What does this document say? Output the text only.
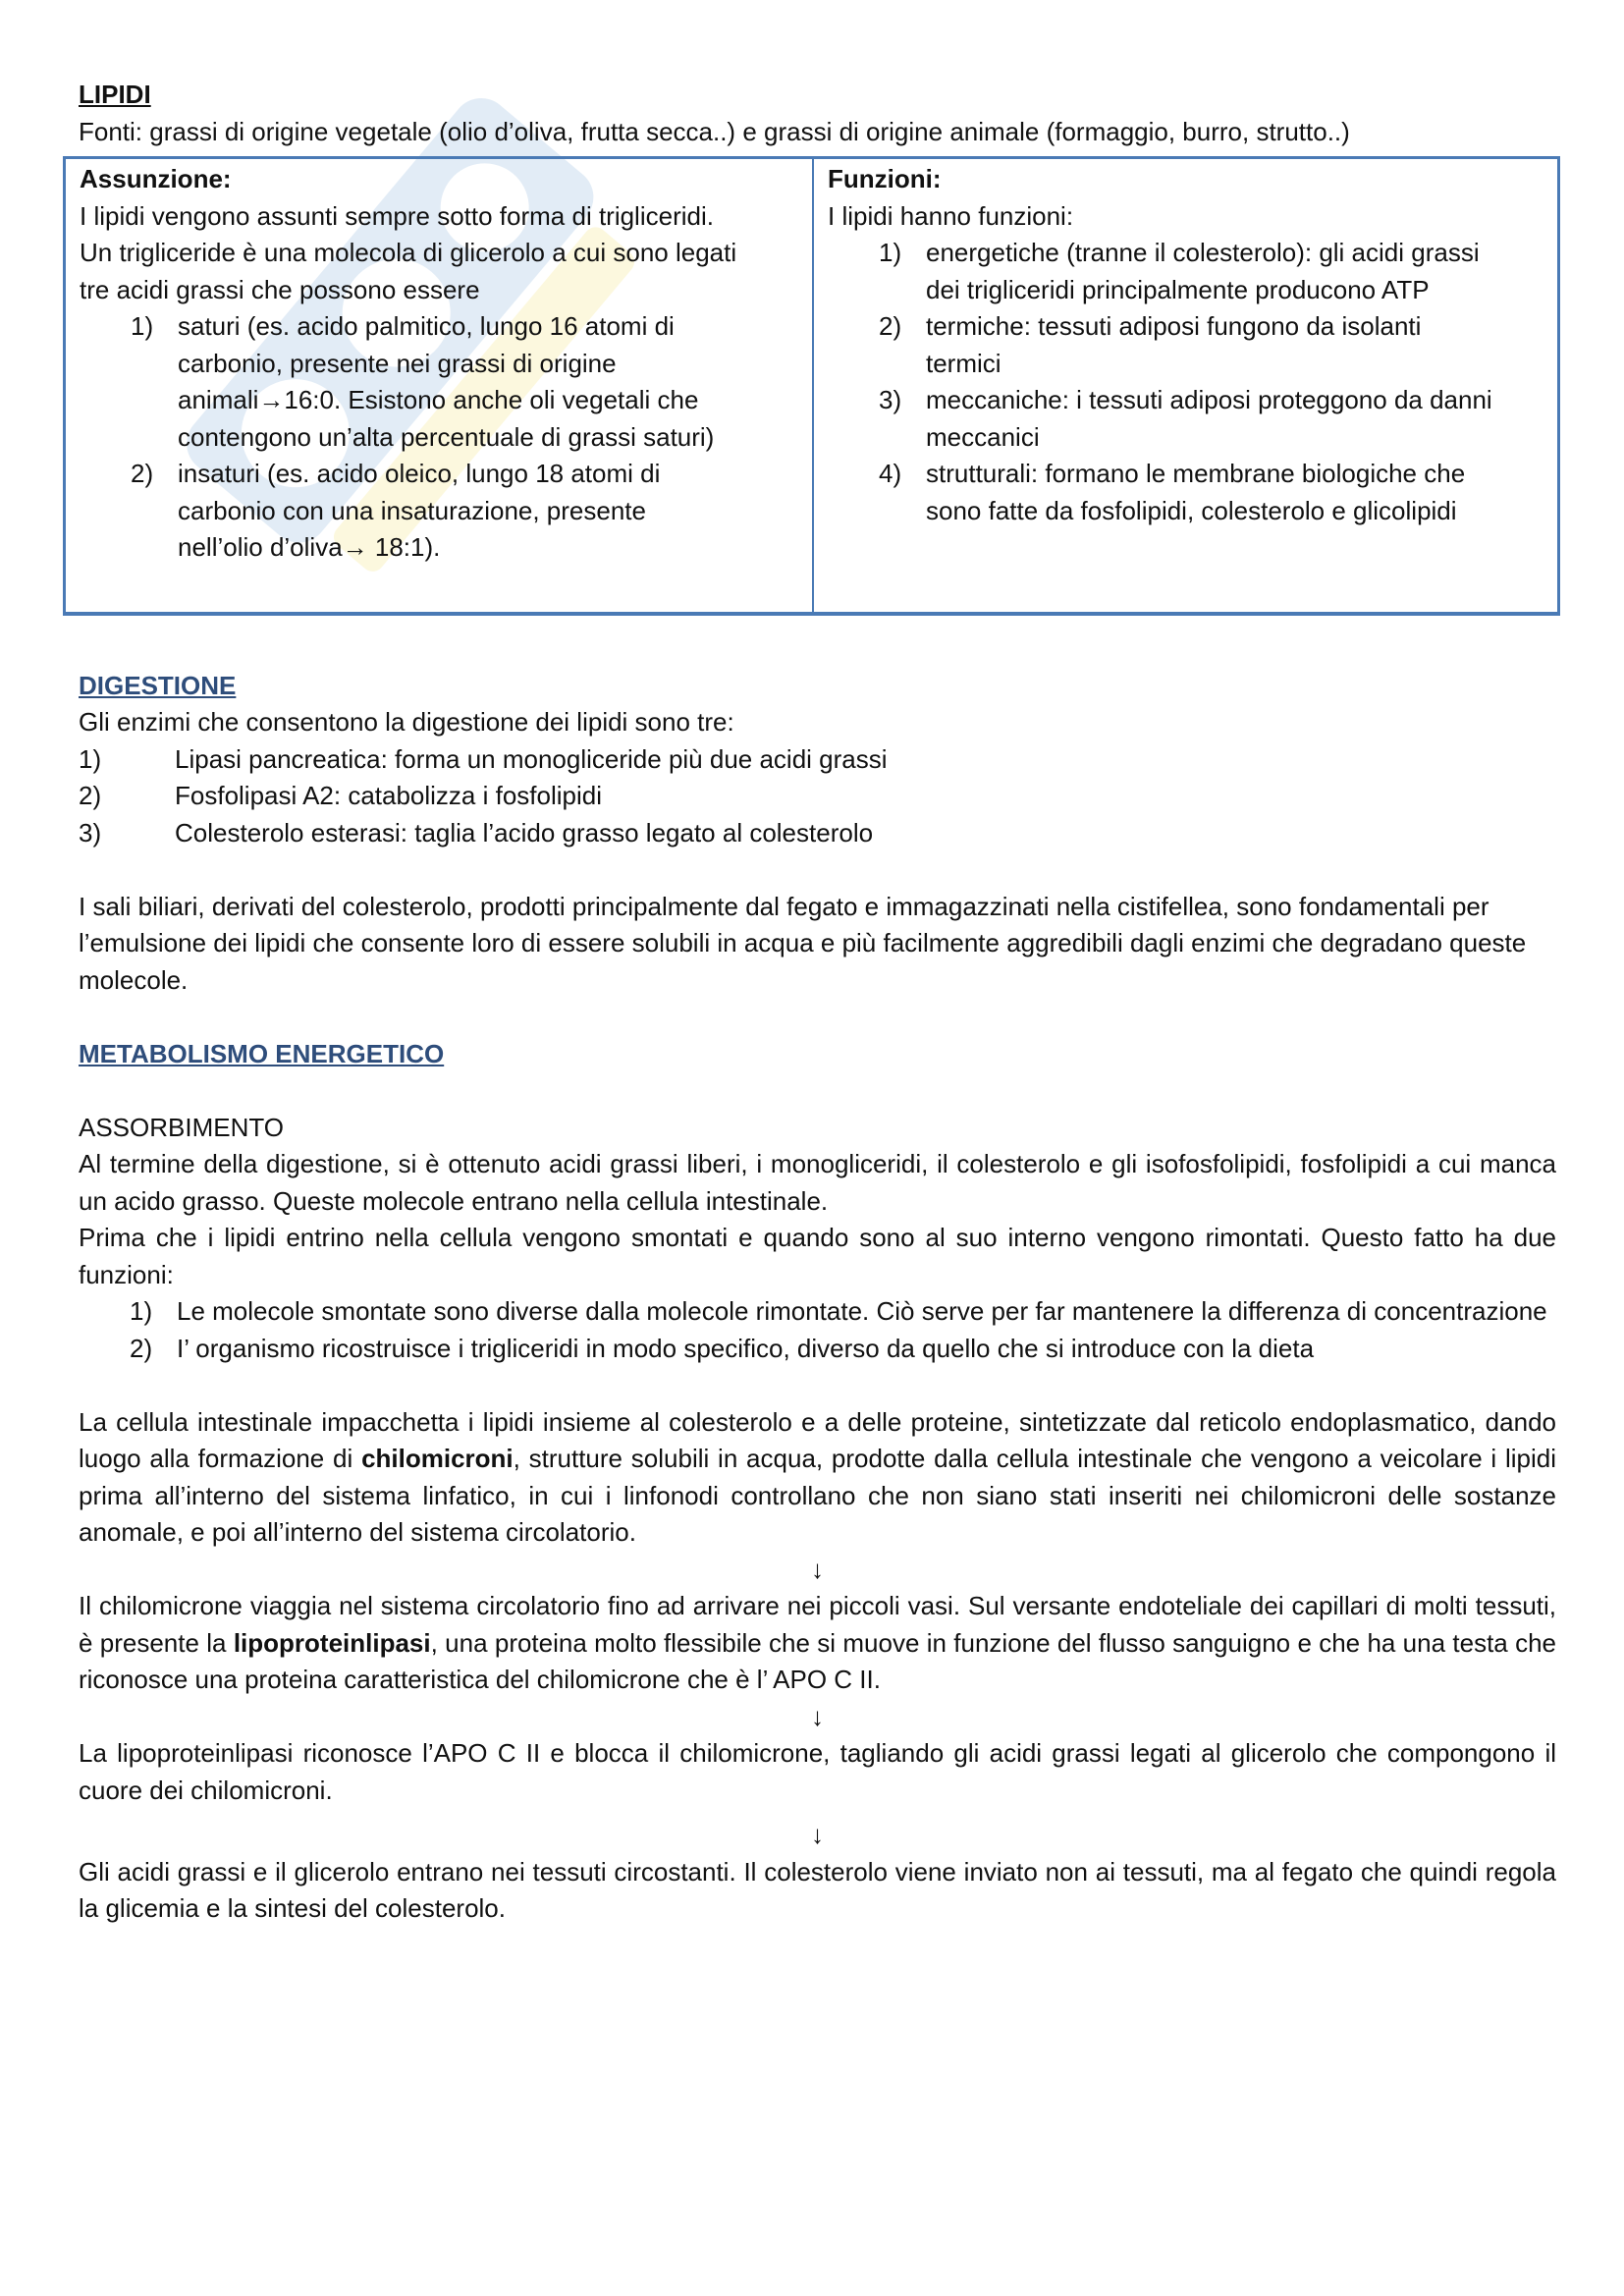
LIPIDI

Fonti: grassi di origine vegetale (olio d’oliva, frutta secca..) e grassi di origine animale (formaggio, burro, strutto..)

Assunzione:
I lipidi vengono assunti sempre sotto forma di trigliceridi.
Un trigliceride è una molecola di glicerolo a cui sono legati
tre acidi grassi che possono essere
1) saturi (es. acido palmitico, lungo 16 atomi di
carbonio, presente nei grassi di origine
animali→16:0. Esistono anche oli vegetali che
contengono un’alta percentuale di grassi saturi)
2) insaturi (es. acido oleico, lungo 18 atomi di
carbonio con una insaturazione, presente
nell’olio d’oliva→ 18:1).
Funzioni:
I lipidi hanno funzioni:
1) energetiche (tranne il colesterolo): gli acidi grassi
dei trigliceridi principalmente producono ATP
2) termiche: tessuti adiposi fungono da isolanti
termici
3) meccaniche: i tessuti adiposi proteggono da danni
meccanici
4) strutturali: formano le membrane biologiche che
sono fatte da fosfolipidi, colesterolo e glicolipidi
DIGESTIONE

Gli enzimi che consentono la digestione dei lipidi sono tre:

1)	Lipasi pancreatica: forma un monogliceride più due acidi grassi
2)	Fosfolipasi A2: catabolizza i fosfolipidi
3)	Colesterolo esterasi: taglia l’acido grasso legato al colesterolo

I sali biliari, derivati del colesterolo, prodotti principalmente dal fegato e immagazzinati nella cistifellea, sono fondamentali per l’emulsione dei lipidi che consente loro di essere solubili in acqua e più facilmente aggredibili dagli enzimi che degradano queste molecole.

METABOLISMO ENERGETICO
ASSORBIMENTO

Al termine della digestione, si è ottenuto acidi grassi liberi, i monogliceridi, il colesterolo e gli isofosfolipidi, fosfolipidi a cui manca un acido grasso. Queste molecole entrano nella cellula intestinale.

Prima che i lipidi entrino nella cellula vengono smontati e quando sono al suo interno vengono rimontati. Questo fatto ha due funzioni:

1) Le molecole smontate sono diverse dalla molecole rimontate. Ciò serve per far mantenere la differenza di concentrazione
2) I’ organismo ricostruisce i trigliceridi in modo specifico, diverso da quello che si introduce con la dieta

La cellula intestinale impacchetta i lipidi insieme al colesterolo e a delle proteine, sintetizzate dal reticolo endoplasmatico, dando luogo alla formazione di chilomicroni, strutture solubili in acqua, prodotte dalla cellula intestinale che vengono a veicolare i lipidi prima all’interno del sistema linfatico, in cui i linfonodi controllano che non siano stati inseriti nei chilomicroni delle sostanze anomale, e poi all’interno del sistema circolatorio.

↓

Il chilomicrone viaggia nel sistema circolatorio fino ad arrivare nei piccoli vasi. Sul versante endoteliale dei capillari di molti tessuti, è presente la lipoproteinlipasi, una proteina molto flessibile che si muove in funzione del flusso sanguigno e che ha una testa che riconosce una proteina caratteristica del chilomicrone che è l’ APO C II.

↓

La lipoproteinlipasi riconosce l’APO C II e blocca il chilomicrone, tagliando gli acidi grassi legati al glicerolo che compongono il cuore dei chilomicroni.

↓

Gli acidi grassi e il glicerolo entrano nei tessuti circostanti. Il colesterolo viene inviato non ai tessuti, ma al fegato che quindi regola la glicemia e la sintesi del colesterolo.
